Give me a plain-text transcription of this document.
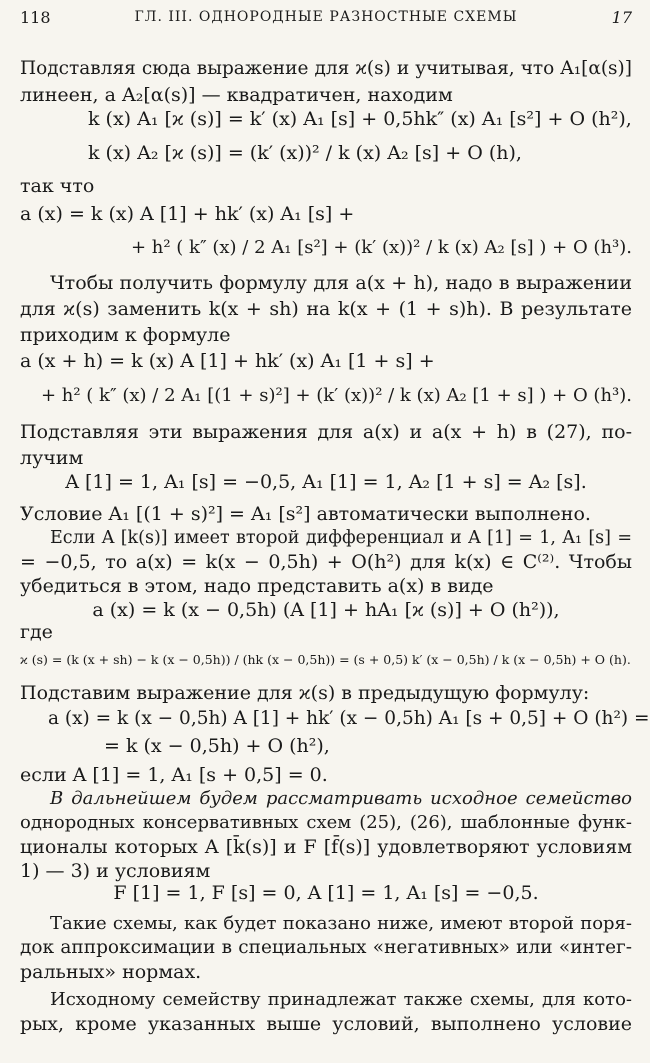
118	ГЛ. III. ОДНОРОДНЫЕ РАЗНОСТНЫЕ СХЕМЫ	17
Подставляя сюда выражение для ϰ(s) и учитывая, что A₁[α(s)]
линеен, а A₂[α(s)] — квадратичен, находим
k (x) A₁ [ϰ (s)] = k′ (x) A₁ [s] + 0,5hk″ (x) A₁ [s²] + O (h²),
k (x) A₂ [ϰ (s)] = (k′ (x))² / k (x) A₂ [s] + O (h),
так что
a (x) = k (x) A [1] + hk′ (x) A₁ [s] +
+ h² ( k″ (x) / 2 A₁ [s²] + (k′ (x))² / k (x) A₂ [s] ) + O (h³).
Чтобы получить формулу для a(x + h), надо в выражении
для ϰ(s) заменить k(x + sh) на k(x + (1 + s)h). В результате
приходим к формуле
a (x + h) = k (x) A [1] + hk′ (x) A₁ [1 + s] +
+ h² ( k″ (x) / 2 A₁ [(1 + s)²] + (k′ (x))² / k (x) A₂ [1 + s] ) + O (h³).
Подставляя эти выражения для a(x) и a(x + h) в (27), по-
лучим
A [1] = 1, A₁ [s] = −0,5, A₁ [1] = 1, A₂ [1 + s] = A₂ [s].
Условие A₁ [(1 + s)²] = A₁ [s²] автоматически выполнено.
Если A [k(s)] имеет второй дифференциал и A [1] = 1, A₁ [s] =
= −0,5, то a(x) = k(x − 0,5h) + O(h²) для k(x) ∈ C⁽²⁾. Чтобы
убедиться в этом, надо представить a(x) в виде
a (x) = k (x − 0,5h) (A [1] + hA₁ [ϰ (s)] + O (h²)),
где
ϰ (s) = (k (x + sh) − k (x − 0,5h)) / (hk (x − 0,5h)) = (s + 0,5) k′ (x − 0,5h) / k (x − 0,5h) + O (h).
Подставим выражение для ϰ(s) в предыдущую формулу:
a (x) = k (x − 0,5h) A [1] + hk′ (x − 0,5h) A₁ [s + 0,5] + O (h²) =
= k (x − 0,5h) + O (h²),
если A [1] = 1, A₁ [s + 0,5] = 0.
В дальнейшем будем рассматривать исходное семейство
однородных консервативных схем (25), (26), шаблонные функ-
ционалы которых A [k̄(s)] и F [f̄(s)] удовлетворяют условиям
1) — 3) и условиям
F [1] = 1, F [s] = 0, A [1] = 1, A₁ [s] = −0,5.
Такие схемы, как будет показано ниже, имеют второй поря-
док аппроксимации в специальных «негативных» или «интег-
ральных» нормах.
Исходному семейству принадлежат также схемы, для кото-
рых, кроме указанных выше условий, выполнено условие
